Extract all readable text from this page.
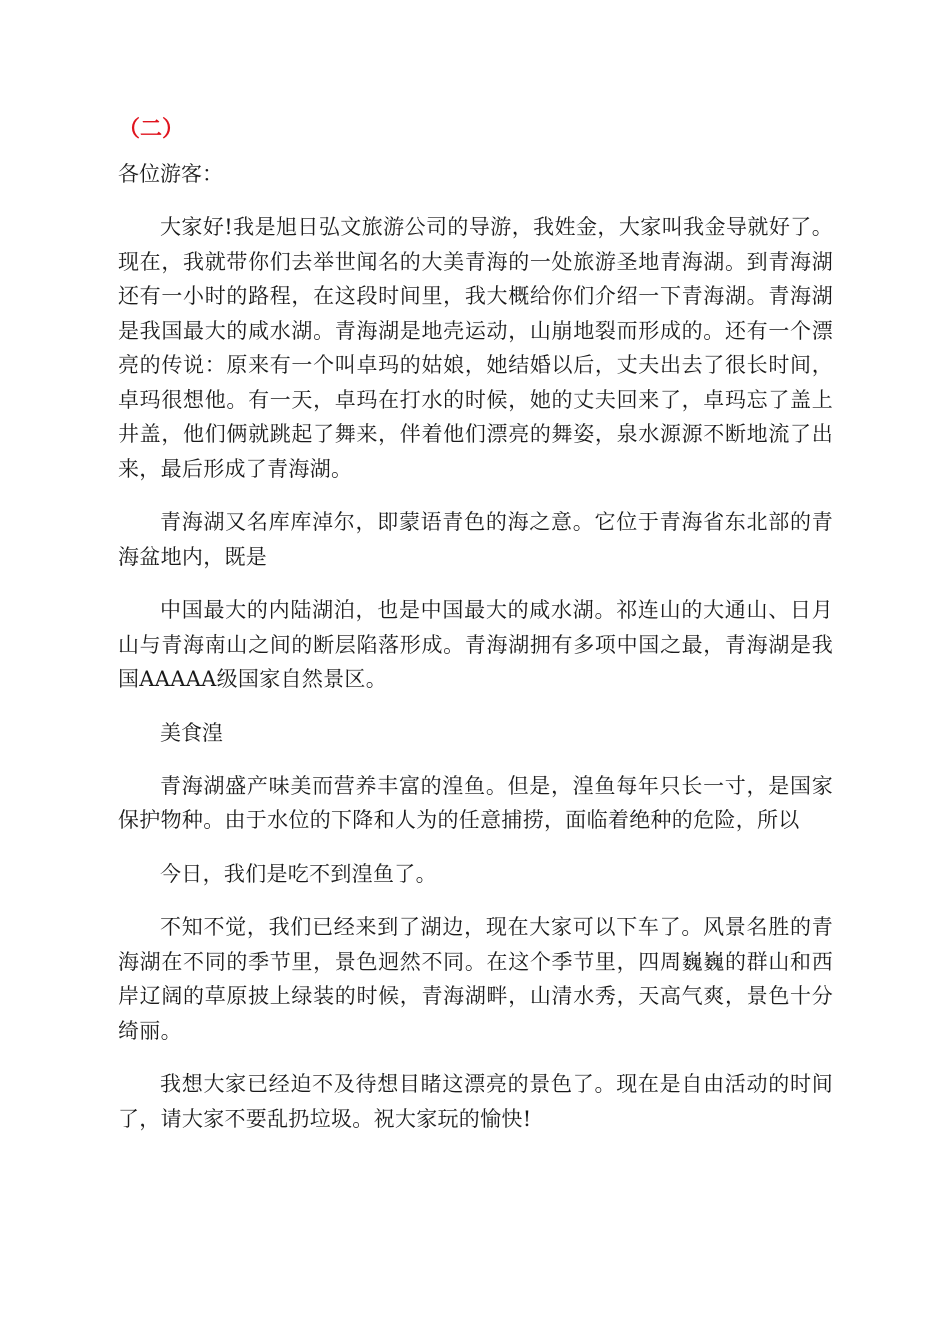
（二）

各位游客：

大家好!我是旭日弘文旅游公司的导游，我姓金，大家叫我金导就好了。现在，我就带你们去举世闻名的大美青海的一处旅游圣地青海湖。到青海湖还有一小时的路程，在这段时间里，我大概给你们介绍一下青海湖。青海湖是我国最大的咸水湖。青海湖是地壳运动，山崩地裂而形成的。还有一个漂亮的传说：原来有一个叫卓玛的姑娘，她结婚以后，丈夫出去了很长时间，卓玛很想他。有一天，卓玛在打水的时候，她的丈夫回来了，卓玛忘了盖上井盖，他们俩就跳起了舞来，伴着他们漂亮的舞姿，泉水源源不断地流了出来，最后形成了青海湖。

青海湖又名库库淖尔，即蒙语青色的海之意。它位于青海省东北部的青海盆地内，既是

中国最大的内陆湖泊，也是中国最大的咸水湖。祁连山的大通山、日月山与青海南山之间的断层陷落形成。青海湖拥有多项中国之最，青海湖是我国AAAAA级国家自然景区。

美食湟

青海湖盛产味美而营养丰富的湟鱼。但是，湟鱼每年只长一寸，是国家保护物种。由于水位的下降和人为的任意捕捞，面临着绝种的危险，所以

今日，我们是吃不到湟鱼了。

不知不觉，我们已经来到了湖边，现在大家可以下车了。风景名胜的青海湖在不同的季节里，景色迥然不同。在这个季节里，四周巍巍的群山和西岸辽阔的草原披上绿装的时候，青海湖畔，山清水秀，天高气爽，景色十分绮丽。

我想大家已经迫不及待想目睹这漂亮的景色了。现在是自由活动的时间了，请大家不要乱扔垃圾。祝大家玩的愉快!
